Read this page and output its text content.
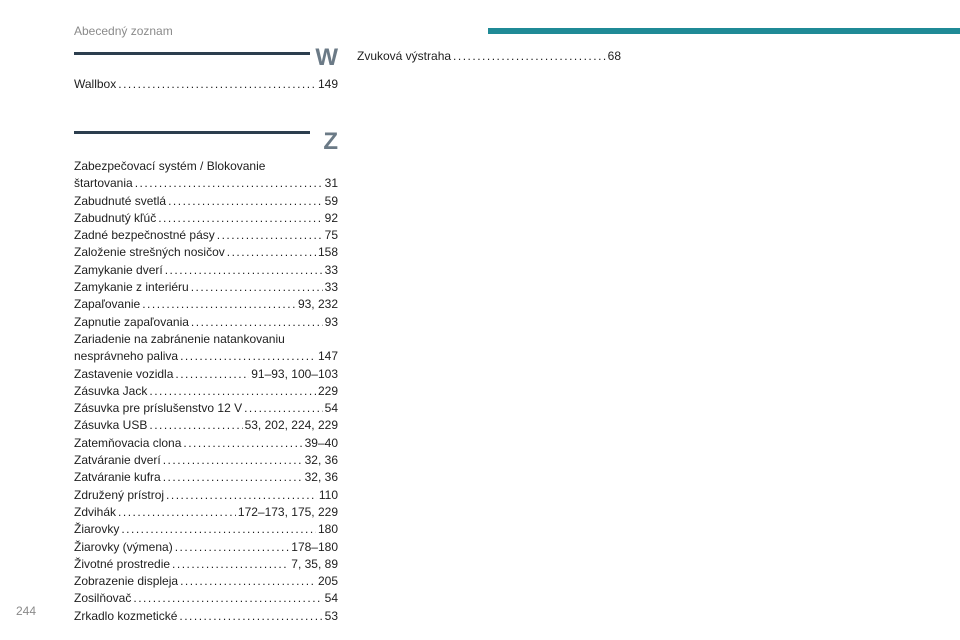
Abecedný zoznam
W
Wallbox .....	149
Z
Zabezpečovací systém / Blokovanie
štartovania .....	31
Zabudnuté svetlá .....	59
Zabudnutý kľúč .....	92
Zadné bezpečnostné pásy .....	75
Založenie strešných nosičov .....	158
Zamykanie dverí .....	33
Zamykanie z interiéru .....	33
Zapaľovanie .....	93, 232
Zapnutie zapaľovania .....	93
Zariadenie na zabránenie natankovaniu
nesprávneho paliva .....	147
Zastavenie vozidla .....	91–93, 100–103
Zásuvka Jack .....	229
Zásuvka pre príslušenstvo 12 V .....	54
Zásuvka USB .....	53, 202, 224, 229
Zatemňovacia clona .....	39–40
Zatváranie dverí .....	32, 36
Zatváranie kufra .....	32, 36
Združený prístroj .....	110
Zdvihák .....	172–173, 175, 229
Žiarovky .....	180
Žiarovky (výmena) .....	178–180
Životné prostredie .....	7, 35, 89
Zobrazenie displeja .....	205
Zosilňovač .....	54
Zrkadlo kozmetické .....	53
Zvuková výstraha .....	68
244
